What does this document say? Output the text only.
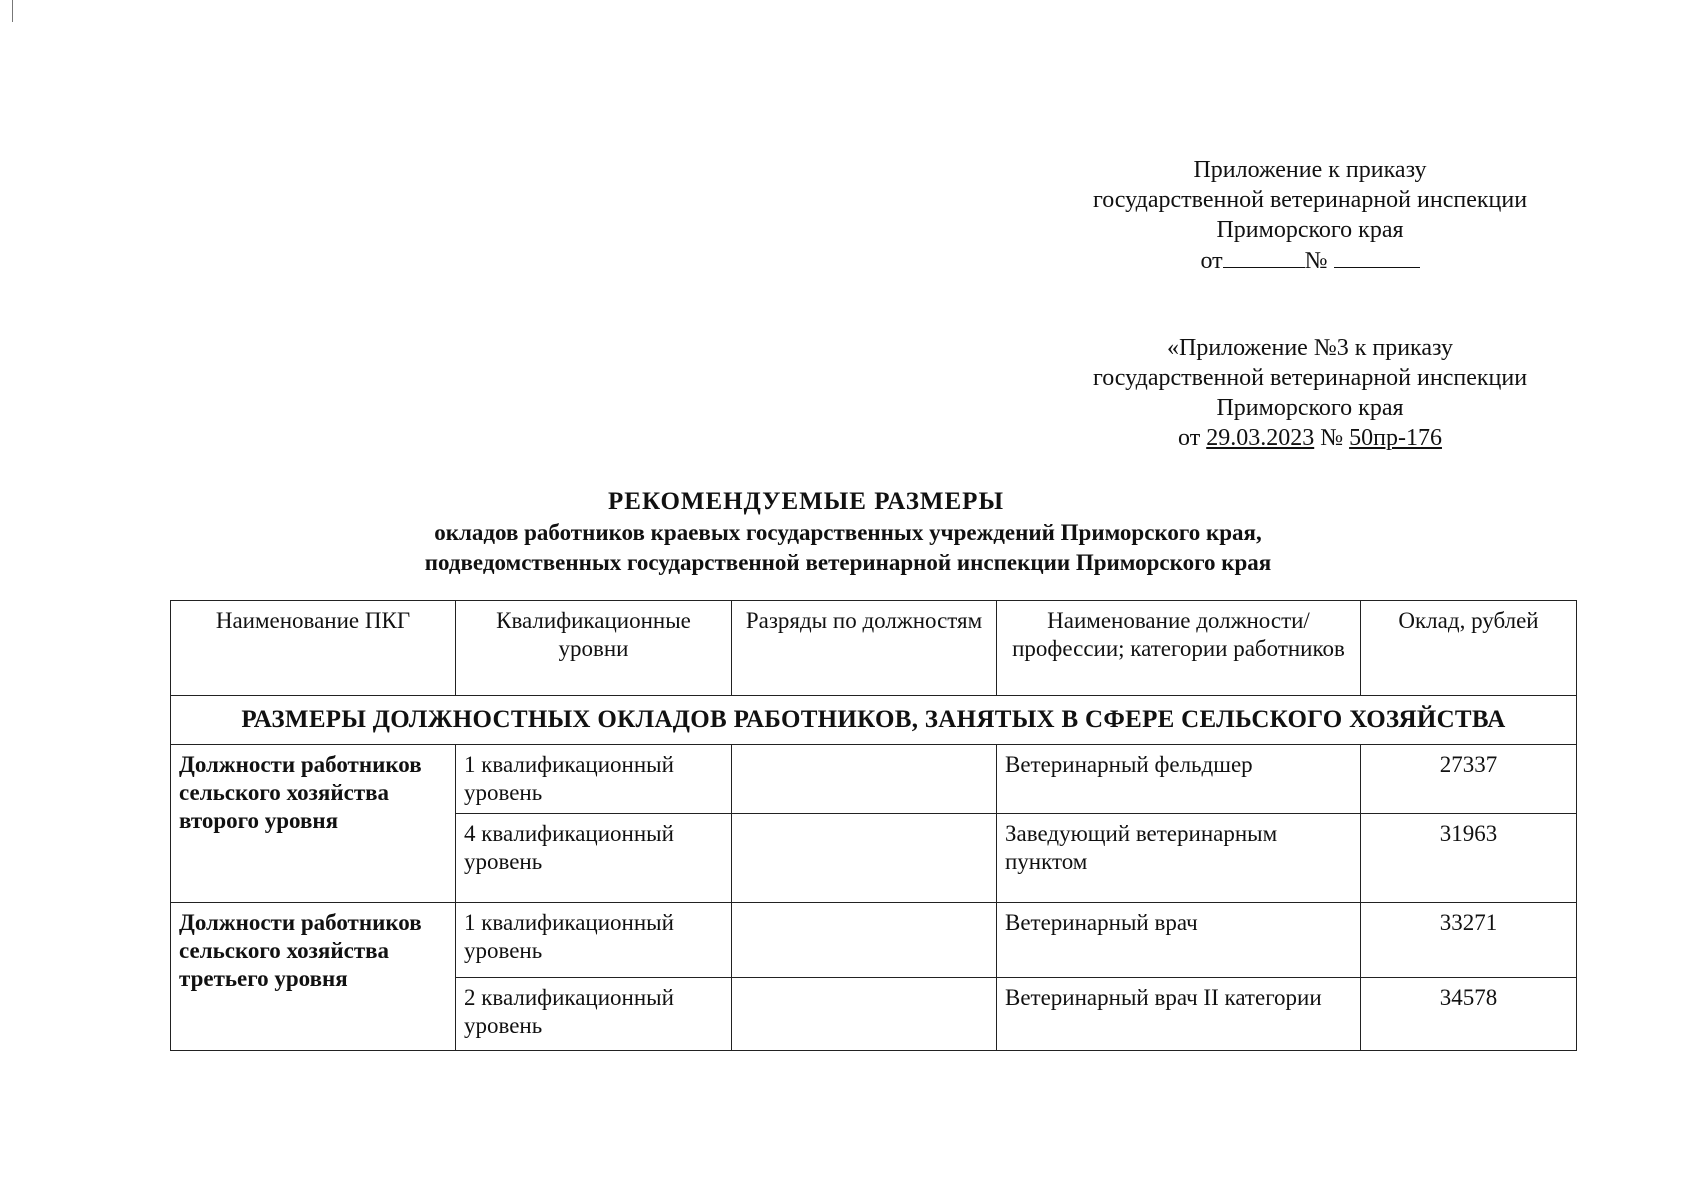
Приложение к приказу
государственной ветеринарной инспекции
Приморского края
от	№
«Приложение №3 к приказу
государственной ветеринарной инспекции
Приморского края
от 29.03.2023 № 50пр-176
РЕКОМЕНДУЕМЫЕ РАЗМЕРЫ
окладов работников краевых государственных учреждений Приморского края,
подведомственных государственной ветеринарной инспекции Приморского края
Наименование ПКГ	Квалификационные уровни	Разряды по должностям	Наименование должности/профессии; категории работников	Оклад, рублей
РАЗМЕРЫ ДОЛЖНОСТНЫХ ОКЛАДОВ РАБОТНИКОВ, ЗАНЯТЫХ В СФЕРЕ СЕЛЬСКОГО ХОЗЯЙСТВА				
Должности работников сельского хозяйства второго уровня	1 квалификационный уровень		Ветеринарный фельдшер	27337
	4 квалификационный уровень		Заведующий ветеринарным пунктом	31963
Должности работников сельского хозяйства третьего уровня	1 квалификационный уровень		Ветеринарный врач	33271
	2 квалификационный уровень		Ветеринарный врач II категории	34578
